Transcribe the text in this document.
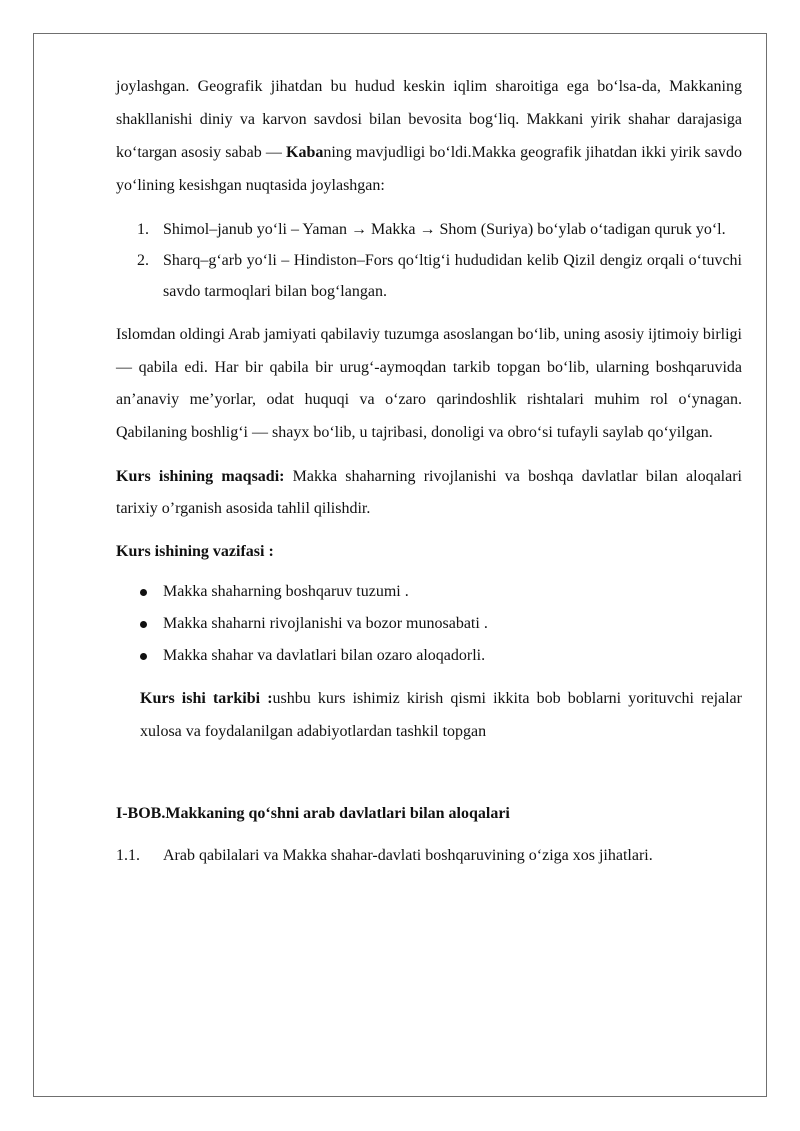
joylashgan. Geografik jihatdan bu hudud keskin iqlim sharoitiga ega bo‘lsa-da, Makkaning shakllanishi diniy va karvon savdosi bilan bevosita bog‘liq. Makkani yirik shahar darajasiga ko‘targan asosiy sabab — Kabaning mavjudligi bo‘ldi.Makka geografik jihatdan ikki yirik savdo yo‘lining kesishgan nuqtasida joylashgan:

1. Shimol–janub yo‘li – Yaman → Makka → Shom (Suriya) bo‘ylab o‘tadigan quruk yo‘l.
2. Sharq–g‘arb yo‘li – Hindiston–Fors qo‘ltig‘i hududidan kelib Qizil dengiz orqali o‘tuvchi savdo tarmoqlari bilan bog‘langan.

Islomdan oldingi Arab jamiyati qabilaviy tuzumga asoslangan bo‘lib, uning asosiy ijtimoiy birligi — qabila edi. Har bir qabila bir urug‘-aymoqdan tarkib topgan bo‘lib, ularning boshqaruvida an’anaviy me’yorlar, odat huquqi va o‘zaro qarindoshlik rishtalari muhim rol o‘ynagan. Qabilaning boshlig‘i — shayx bo‘lib, u tajribasi, donoligi va obro‘si tufayli saylab qo‘yilgan.

Kurs ishining maqsadi: Makka shaharning rivojlanishi va boshqa davlatlar bilan aloqalari tarixiy o’rganish asosida tahlil qilishdir.

Kurs ishining vazifasi :

Makka shaharning boshqaruv tuzumi .
Makka shaharni rivojlanishi va bozor munosabati .
Makka shahar va davlatlari bilan ozaro aloqadorli.

Kurs ishi tarkibi :ushbu kurs ishimiz kirish qismi ikkita bob boblarni yorituvchi rejalar xulosa va foydalanilgan adabiyotlardan tashkil topgan

I-BOB.Makkaning qo‘shni arab davlatlari bilan aloqalari

1.1. Arab qabilalari va Makka shahar-davlati boshqaruvining o‘ziga xos jihatlari.
